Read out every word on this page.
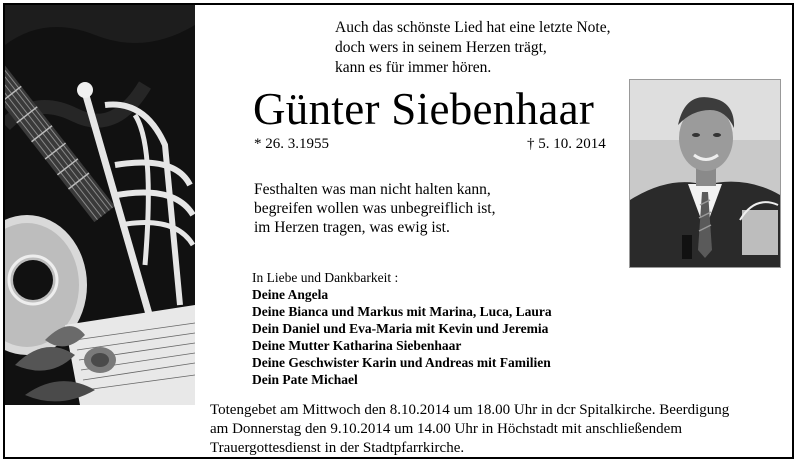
Auch das schönste Lied hat eine letzte Note,
doch wers in seinem Herzen trägt,
kann es für immer hören.
Günter Siebenhaar
* 26. 3.1955	† 5. 10. 2014
Festhalten was man nicht halten kann,
begreifen wollen was unbegreiflich ist,
im Herzen tragen, was ewig ist.
In Liebe und Dankbarkeit :
Deine Angela
Deine Bianca und Markus mit Marina, Luca, Laura
Dein Daniel und Eva-Maria mit Kevin und Jeremia
Deine Mutter Katharina Siebenhaar
Deine Geschwister Karin und Andreas mit Familien
Dein Pate Michael
Totengebet am Mittwoch den 8.10.2014 um 18.00 Uhr in dcr Spitalkirche. Beerdigung
am Donnerstag den 9.10.2014 um 14.00 Uhr in Höchstadt mit anschließendem
Trauergottesdienst in der Stadtpfarrkirche.
